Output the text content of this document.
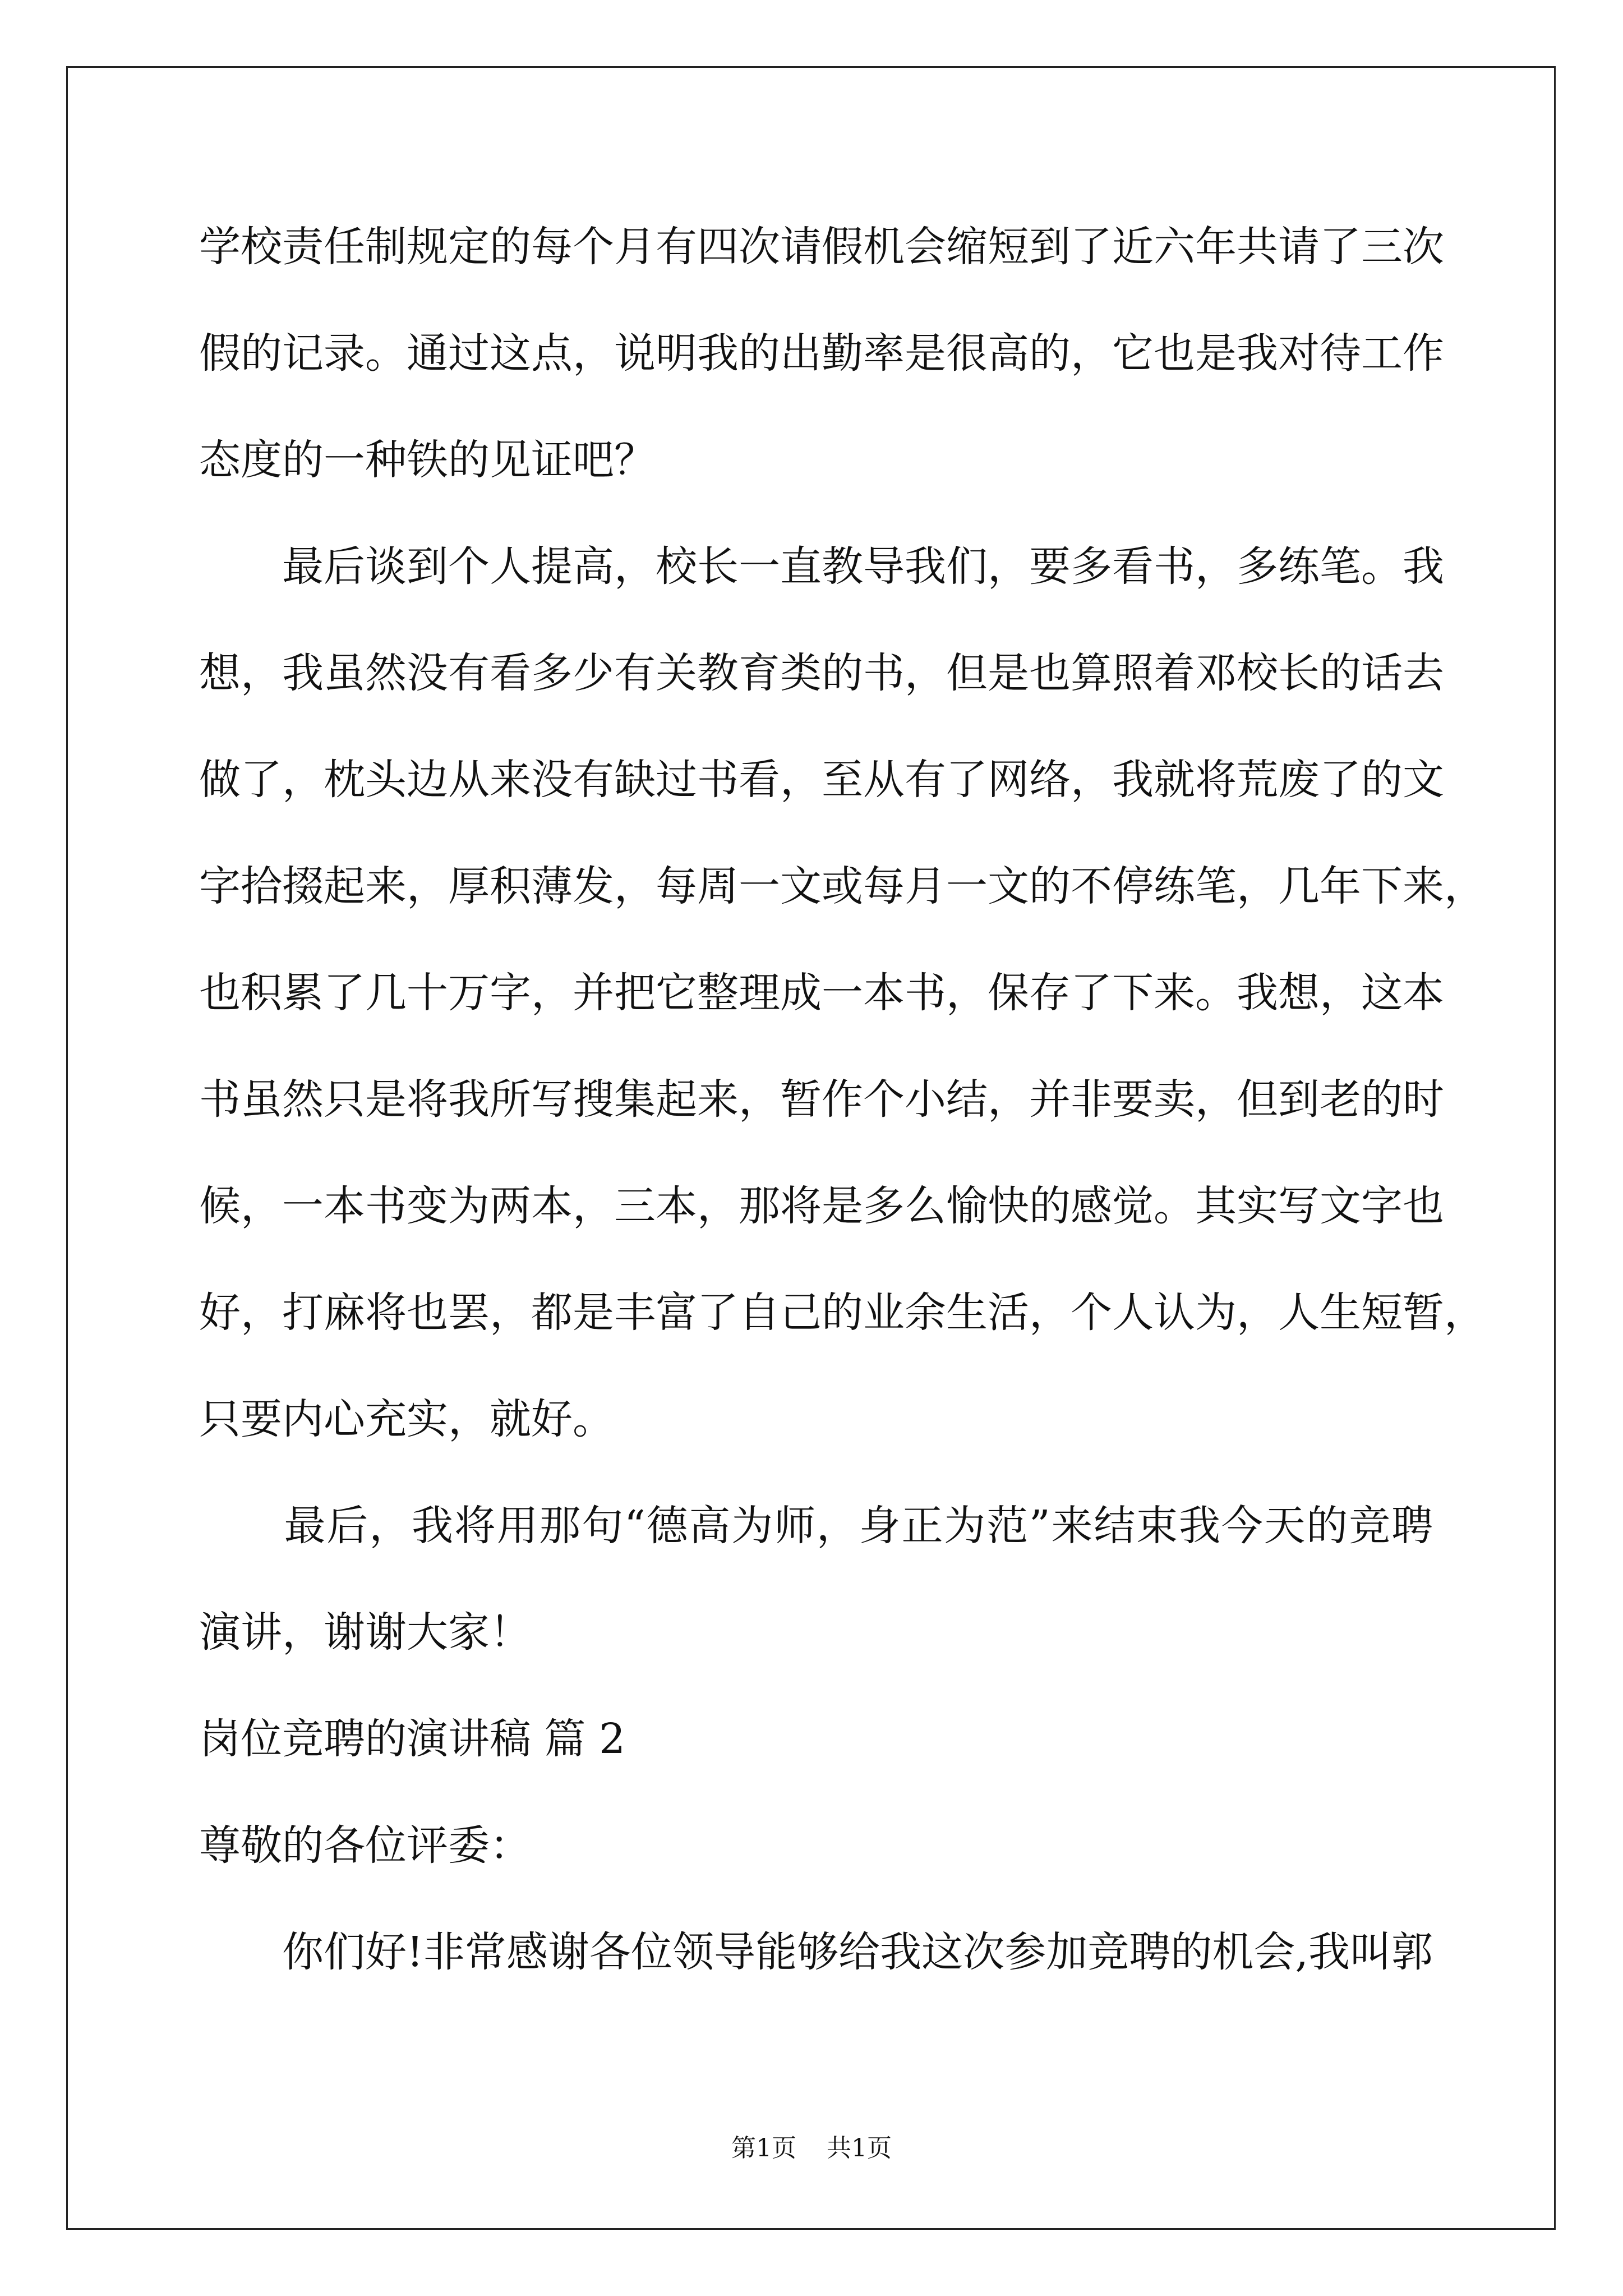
学校责任制规定的每个月有四次请假机会缩短到了近六年共请了三次
假的记录。通过这点，说明我的出勤率是很高的，它也是我对待工作
态度的一种铁的见证吧？
　　最后谈到个人提高，校长一直教导我们，要多看书，多练笔。我
想，我虽然没有看多少有关教育类的书，但是也算照着邓校长的话去
做了，枕头边从来没有缺过书看，至从有了网络，我就将荒废了的文
字拾掇起来，厚积薄发，每周一文或每月一文的不停练笔，几年下来，
也积累了几十万字，并把它整理成一本书，保存了下来。我想，这本
书虽然只是将我所写搜集起来，暂作个小结，并非要卖，但到老的时
候，一本书变为两本，三本，那将是多么愉快的感觉。其实写文字也
好，打麻将也罢，都是丰富了自己的业余生活，个人认为，人生短暂，
只要内心充实，就好。
　　最后，我将用那句“德高为师，身正为范”来结束我今天的竞聘
演讲，谢谢大家！
岗位竞聘的演讲稿 篇 2
尊敬的各位评委：
　　你们好!非常感谢各位领导能够给我这次参加竞聘的机会,我叫郭
第1页 共1页
